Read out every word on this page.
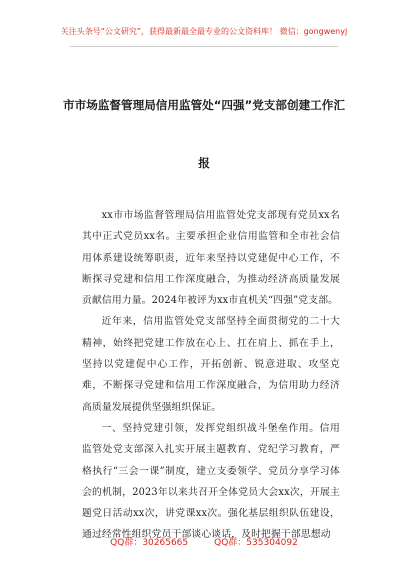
关注头条号“公文研究”，获得最新最全最专业的公文资料库！ 微信：gongwenyj
市市场监督管理局信用监管处“四强”党支部创建工作汇
报

xx市市场监督管理局信用监管处党支部现有党员xx名其中正式党员xx名。主要承担企业信用监管和全市社会信用体系建设统筹职责，近年来坚持以党建促中心工作，不断探寻党建和信用工作深度融合，为推动经济高质量发展贡献信用力量。2024年被评为xx市直机关“四强”党支部。

近年来，信用监管处党支部坚持全面贯彻党的二十大精神，始终把党建工作放在心上、扛在肩上、抓在手上，坚持以党建促中心工作，开拓创新、锐意进取、攻坚克难，不断探寻党建和信用工作深度融合，为信用助力经济高质量发展提供坚强组织保证。

一、坚持党建引领，发挥党组织战斗堡垒作用。信用监管处党支部深入扎实开展主题教育、党纪学习教育，严格执行“三会一课”制度，建立支委领学、党员分享学习体会的机制，2023年以来共召开全体党员大会xx次，开展主题党日活动xx次，讲党课xx次。强化基层组织队伍建设，通过经常性组织党员干部谈心谈话，及时把握干部思想动

QQ群：30265665	QQ群：535304092
